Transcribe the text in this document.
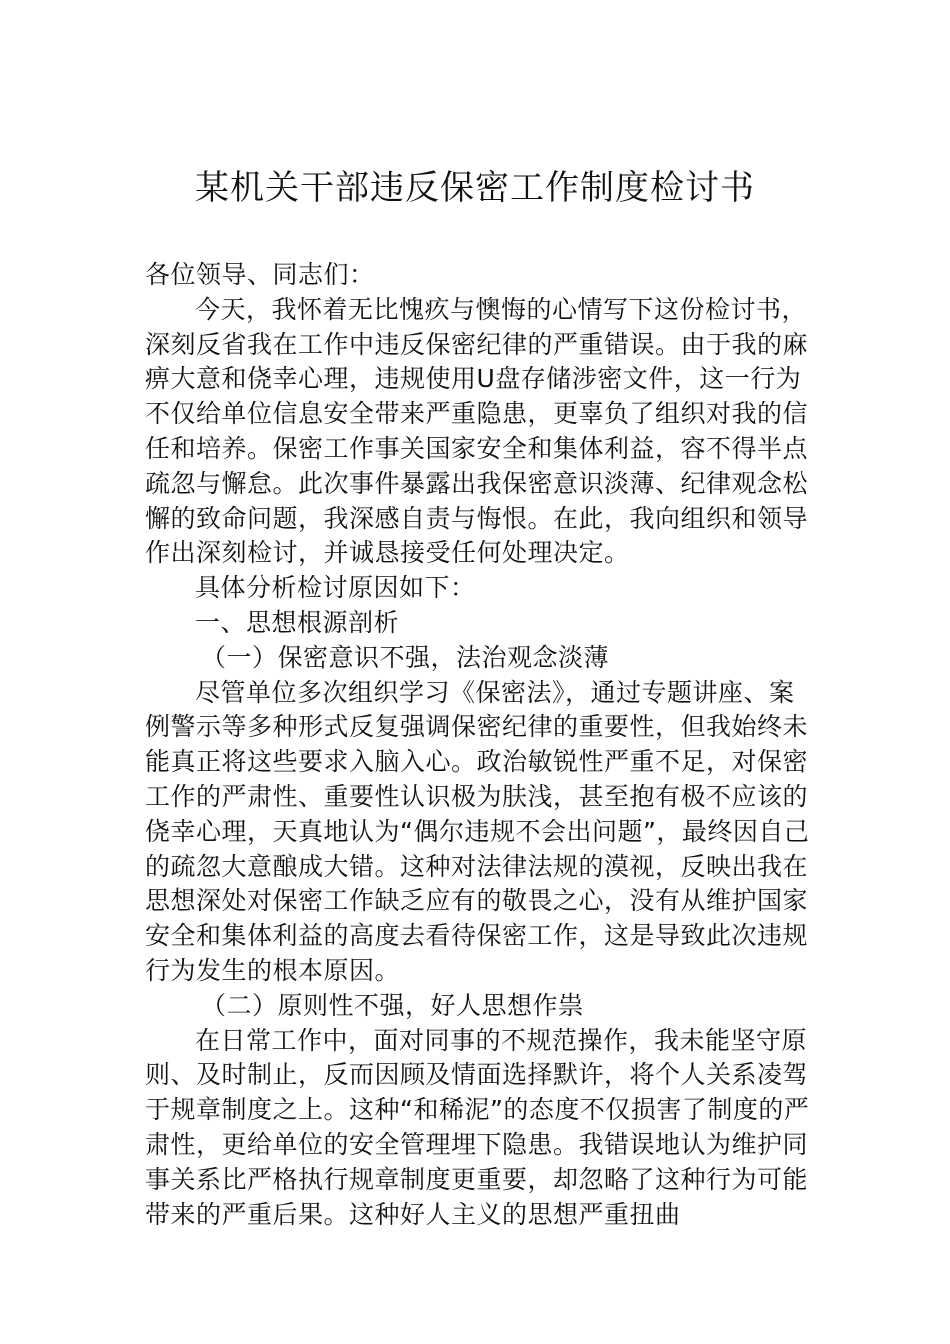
某机关干部违反保密工作制度检讨书

各位领导、同志们：

今天，我怀着无比愧疚与懊悔的心情写下这份检讨书，深刻反省我在工作中违反保密纪律的严重错误。由于我的麻痹大意和侥幸心理，违规使用U盘存储涉密文件，这一行为不仅给单位信息安全带来严重隐患，更辜负了组织对我的信任和培养。保密工作事关国家安全和集体利益，容不得半点疏忽与懈怠。此次事件暴露出我保密意识淡薄、纪律观念松懈的致命问题，我深感自责与悔恨。在此，我向组织和领导作出深刻检讨，并诚恳接受任何处理决定。

具体分析检讨原因如下：

一、思想根源剖析

（一）保密意识不强，法治观念淡薄

尽管单位多次组织学习《保密法》，通过专题讲座、案例警示等多种形式反复强调保密纪律的重要性，但我始终未能真正将这些要求入脑入心。政治敏锐性严重不足，对保密工作的严肃性、重要性认识极为肤浅，甚至抱有极不应该的侥幸心理，天真地认为“偶尔违规不会出问题”，最终因自己的疏忽大意酿成大错。这种对法律法规的漠视，反映出我在思想深处对保密工作缺乏应有的敬畏之心，没有从维护国家安全和集体利益的高度去看待保密工作，这是导致此次违规行为发生的根本原因。

（二）原则性不强，好人思想作祟

在日常工作中，面对同事的不规范操作，我未能坚守原则、及时制止，反而因顾及情面选择默许，将个人关系凌驾于规章制度之上。这种“和稀泥”的态度不仅损害了制度的严肃性，更给单位的安全管理埋下隐患。我错误地认为维护同事关系比严格执行规章制度更重要，却忽略了这种行为可能带来的严重后果。这种好人主义的思想严重扭曲
